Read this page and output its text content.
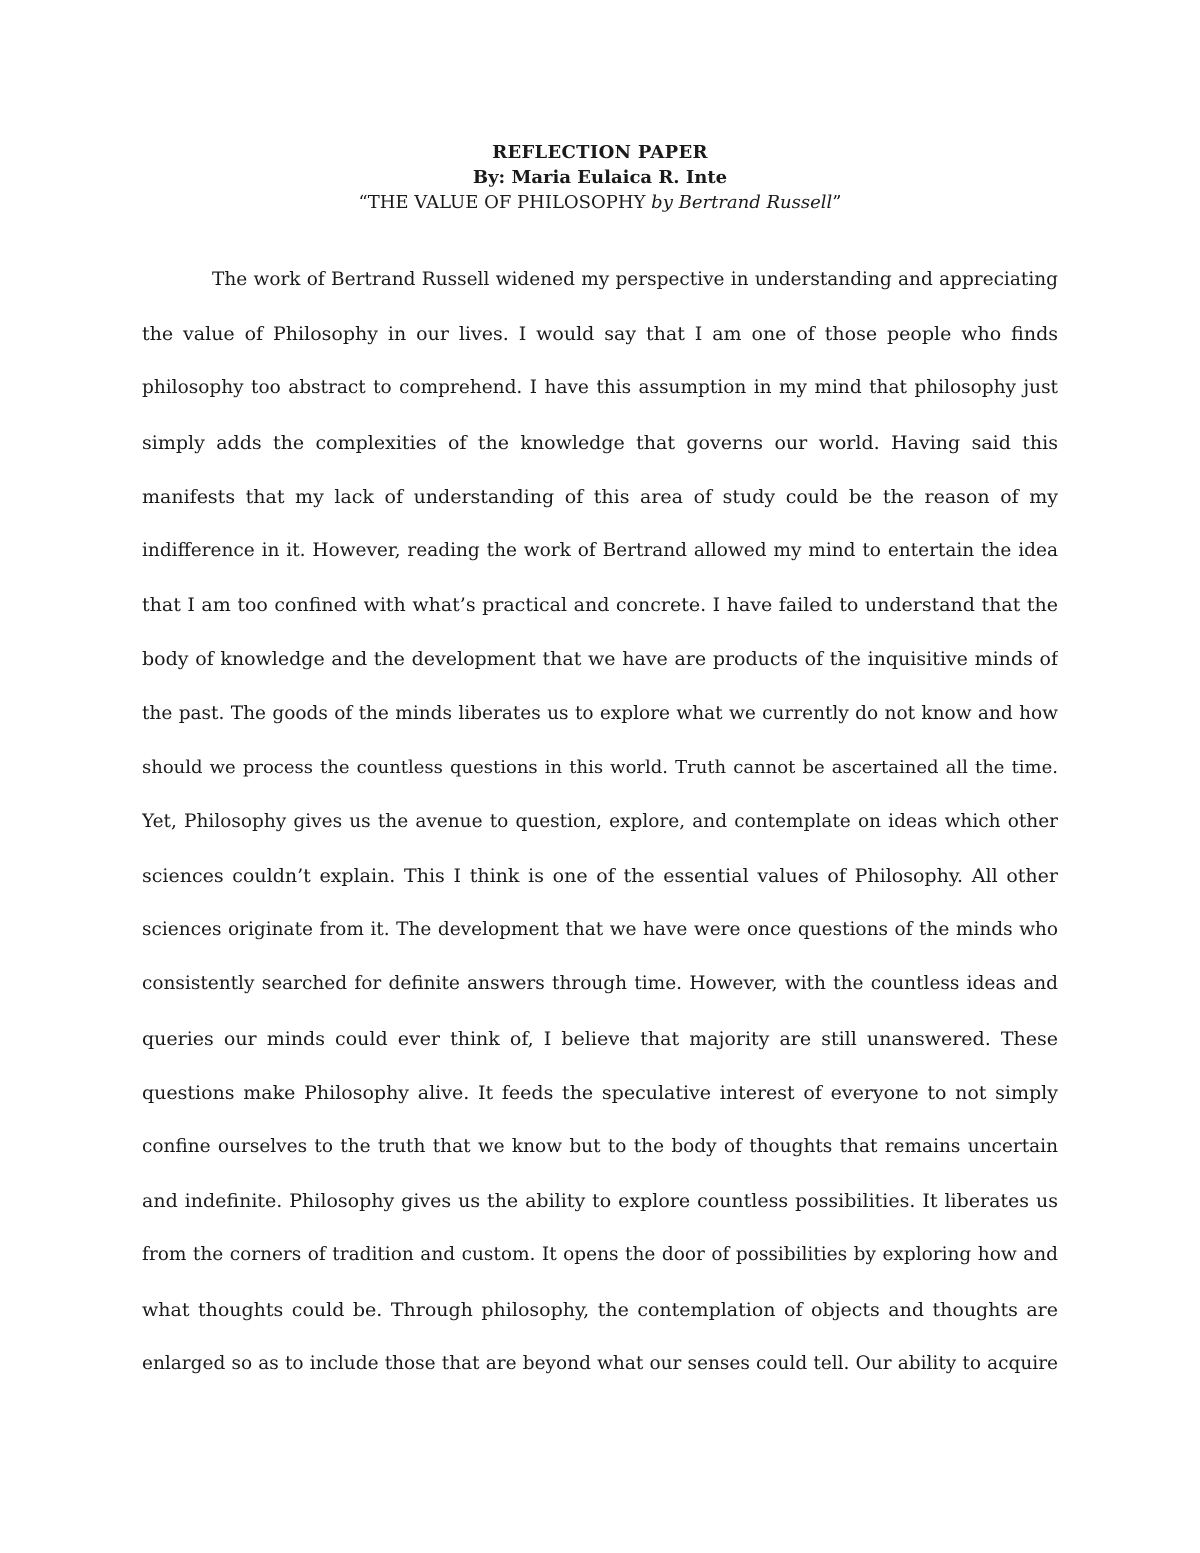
REFLECTION PAPER
By: Maria Eulaica R. Inte
“THE VALUE OF PHILOSOPHY by Bertrand Russell”
The work of Bertrand Russell widened my perspective in understanding and appreciating
the value of Philosophy in our lives. I would say that I am one of those people who finds
philosophy too abstract to comprehend. I have this assumption in my mind that philosophy just
simply adds the complexities of the knowledge that governs our world. Having said this
manifests that my lack of understanding of this area of study could be the reason of my
indifference in it. However, reading the work of Bertrand allowed my mind to entertain the idea
that I am too confined with what’s practical and concrete. I have failed to understand that the
body of knowledge and the development that we have are products of the inquisitive minds of
the past. The goods of the minds liberates us to explore what we currently do not know and how
should we process the countless questions in this world. Truth cannot be ascertained all the time.
Yet, Philosophy gives us the avenue to question, explore, and contemplate on ideas which other
sciences couldn’t explain. This I think is one of the essential values of Philosophy. All other
sciences originate from it. The development that we have were once questions of the minds who
consistently searched for definite answers through time. However, with the countless ideas and
queries our minds could ever think of, I believe that majority are still unanswered. These
questions make Philosophy alive. It feeds the speculative interest of everyone to not simply
confine ourselves to the truth that we know but to the body of thoughts that remains uncertain
and indefinite. Philosophy gives us the ability to explore countless possibilities. It liberates us
from the corners of tradition and custom. It opens the door of possibilities by exploring how and
what thoughts could be. Through philosophy, the contemplation of objects and thoughts are
enlarged so as to include those that are beyond what our senses could tell. Our ability to acquire
